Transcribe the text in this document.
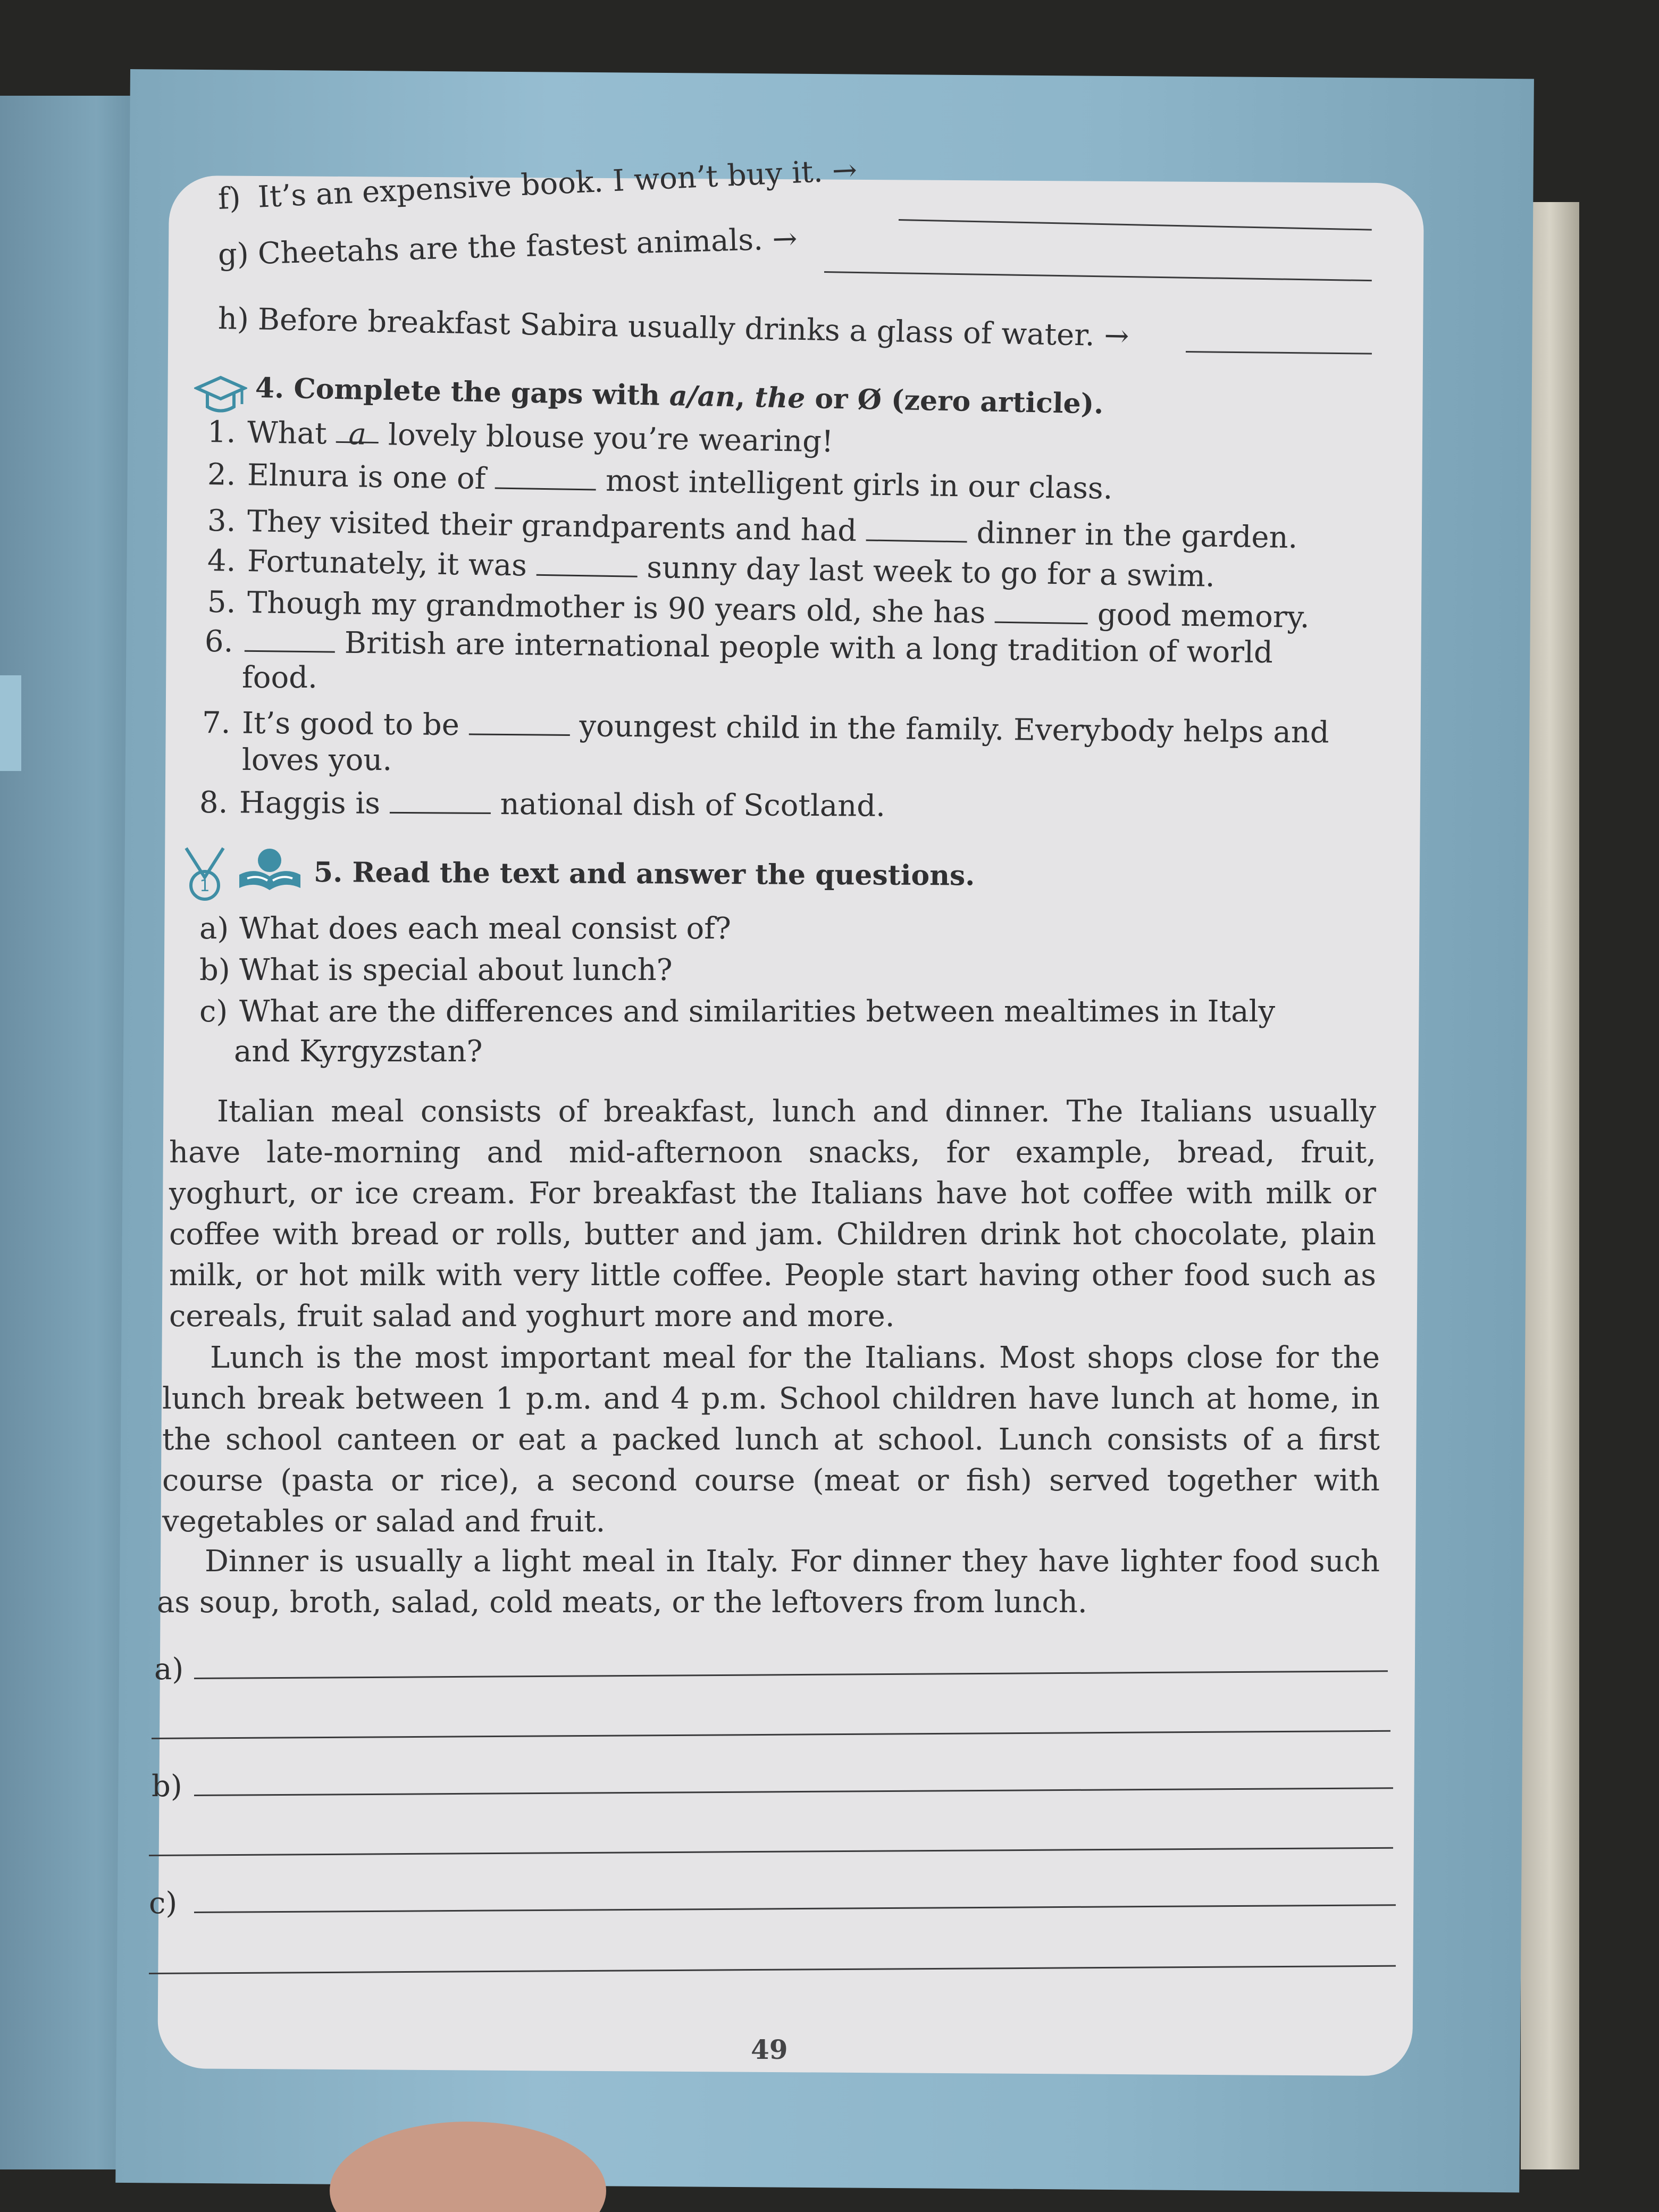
f) It’s an expensive book. I won’t buy it. →
g) Cheetahs are the fastest animals. →
h) Before breakfast Sabira usually drinks a glass of water. →
4. Complete the gaps with a/an, the or Ø (zero article).
1. What a lovely blouse you’re wearing!
2. Elnura is one of	most intelligent girls in our class.
3. They visited their grandparents and had	dinner in the garden.
4. Fortunately, it was	sunny day last week to go for a swim.
5. Though my grandmother is 90 years old, she has	good memory.
6.	British are international people with a long tradition of world
food.
7. It’s good to be	youngest child in the family. Everybody helps and
loves you.
8. Haggis is	national dish of Scotland.
1	5. Read the text and answer the questions.
a) What does each meal consist of?
b) What is special about lunch?
c) What are the differences and similarities between mealtimes in Italy
and Kyrgyzstan?
Italian meal consists of breakfast, lunch and dinner. The Italians usually have late-morning and mid-afternoon snacks, for example, bread, fruit, yoghurt, or ice cream. For breakfast the Italians have hot coffee with milk or coffee with bread or rolls, butter and jam. Children drink hot chocolate, plain milk, or hot milk with very little coffee. People start having other food such as cereals, fruit salad and yoghurt more and more.
Lunch is the most important meal for the Italians. Most shops close for the lunch break between 1 p.m. and 4 p.m. School children have lunch at home, in the school canteen or eat a packed lunch at school. Lunch consists of a first course (pasta or rice), a second course (meat or fish) served together with vegetables or salad and fruit.
Dinner is usually a light meal in Italy. For dinner they have lighter food such as soup, broth, salad, cold meats, or the leftovers from lunch.
a)
b)
c)
49
